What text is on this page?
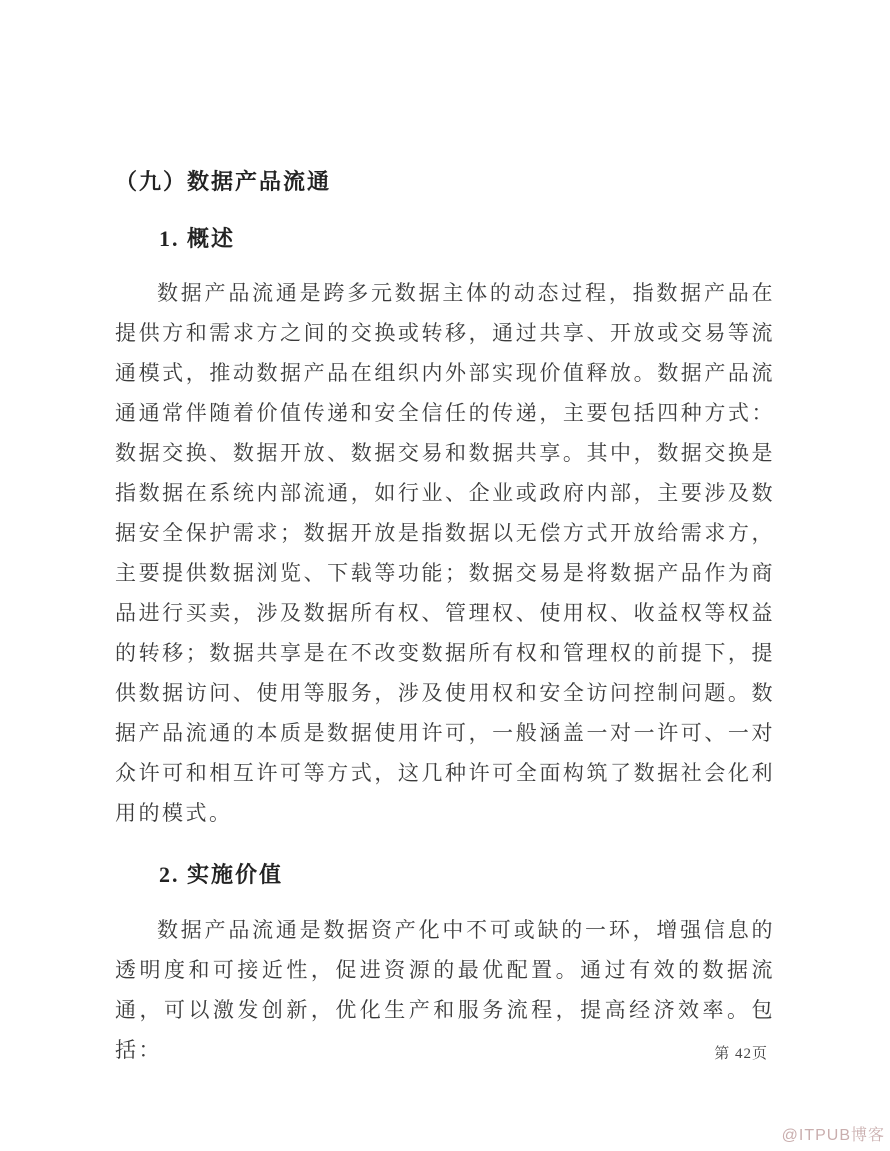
（九）数据产品流通
1. 概述

数据产品流通是跨多元数据主体的动态过程，指数据产品在提供方和需求方之间的交换或转移，通过共享、开放或交易等流通模式，推动数据产品在组织内外部实现价值释放。数据产品流通通常伴随着价值传递和安全信任的传递，主要包括四种方式：数据交换、数据开放、数据交易和数据共享。其中，数据交换是指数据在系统内部流通，如行业、企业或政府内部，主要涉及数据安全保护需求；数据开放是指数据以无偿方式开放给需求方，主要提供数据浏览、下载等功能；数据交易是将数据产品作为商品进行买卖，涉及数据所有权、管理权、使用权、收益权等权益的转移；数据共享是在不改变数据所有权和管理权的前提下，提供数据访问、使用等服务，涉及使用权和安全访问控制问题。数据产品流通的本质是数据使用许可，一般涵盖一对一许可、一对众许可和相互许可等方式，这几种许可全面构筑了数据社会化利用的模式。

2. 实施价值

数据产品流通是数据资产化中不可或缺的一环，增强信息的透明度和可接近性，促进资源的最优配置。通过有效的数据流通，可以激发创新，优化生产和服务流程，提高经济效率。包括：	第 42页
@ITPUB博客
